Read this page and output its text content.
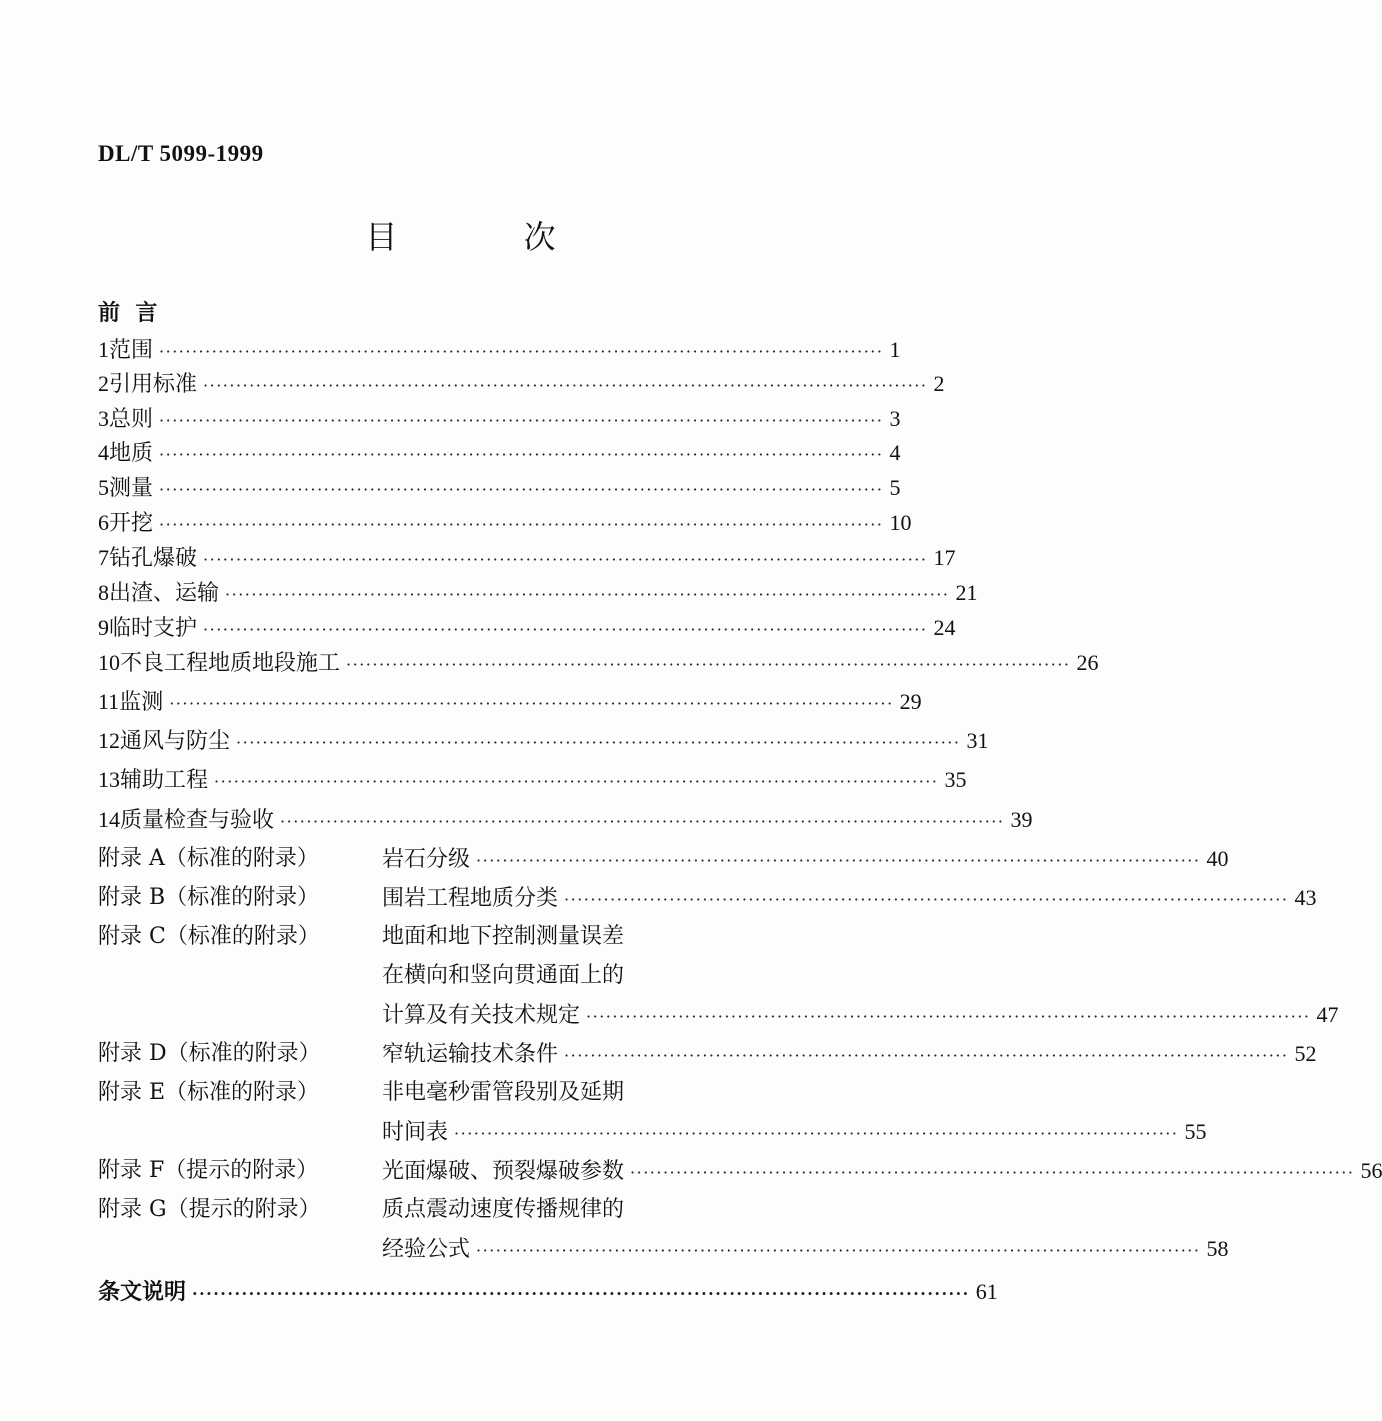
DL/T 5099-1999
目 次
前  言
1 范围 ·············································································································· 1
2 引用标准 ·············································································································· 2
3 总则 ·············································································································· 3
4 地质 ·············································································································· 4
5 测量 ·············································································································· 5
6 开挖 ·············································································································· 10
7 钻孔爆破 ·············································································································· 17
8 出渣、运输 ·············································································································· 21
9 临时支护 ·············································································································· 24
10 不良工程地质地段施工 ·············································································································· 26
11 监测 ·············································································································· 29
12 通风与防尘 ·············································································································· 31
13 辅助工程 ·············································································································· 35
14 质量检查与验收 ·············································································································· 39
附录 A（标准的附录）	岩石分级 ·············································································································· 40
附录 B（标准的附录）	围岩工程地质分类 ·············································································································· 43
附录 C（标准的附录）	地面和地下控制测量误差
在横向和竖向贯通面上的
计算及有关技术规定 ·············································································································· 47
附录 D（标准的附录）	窄轨运输技术条件 ·············································································································· 52
附录 E（标准的附录）	非电毫秒雷管段别及延期
时间表 ·············································································································· 55
附录 F（提示的附录）	光面爆破、预裂爆破参数 ·············································································································· 56
附录 G（提示的附录）	质点震动速度传播规律的
经验公式 ·············································································································· 58
条文说明 ·············································································································· 61
